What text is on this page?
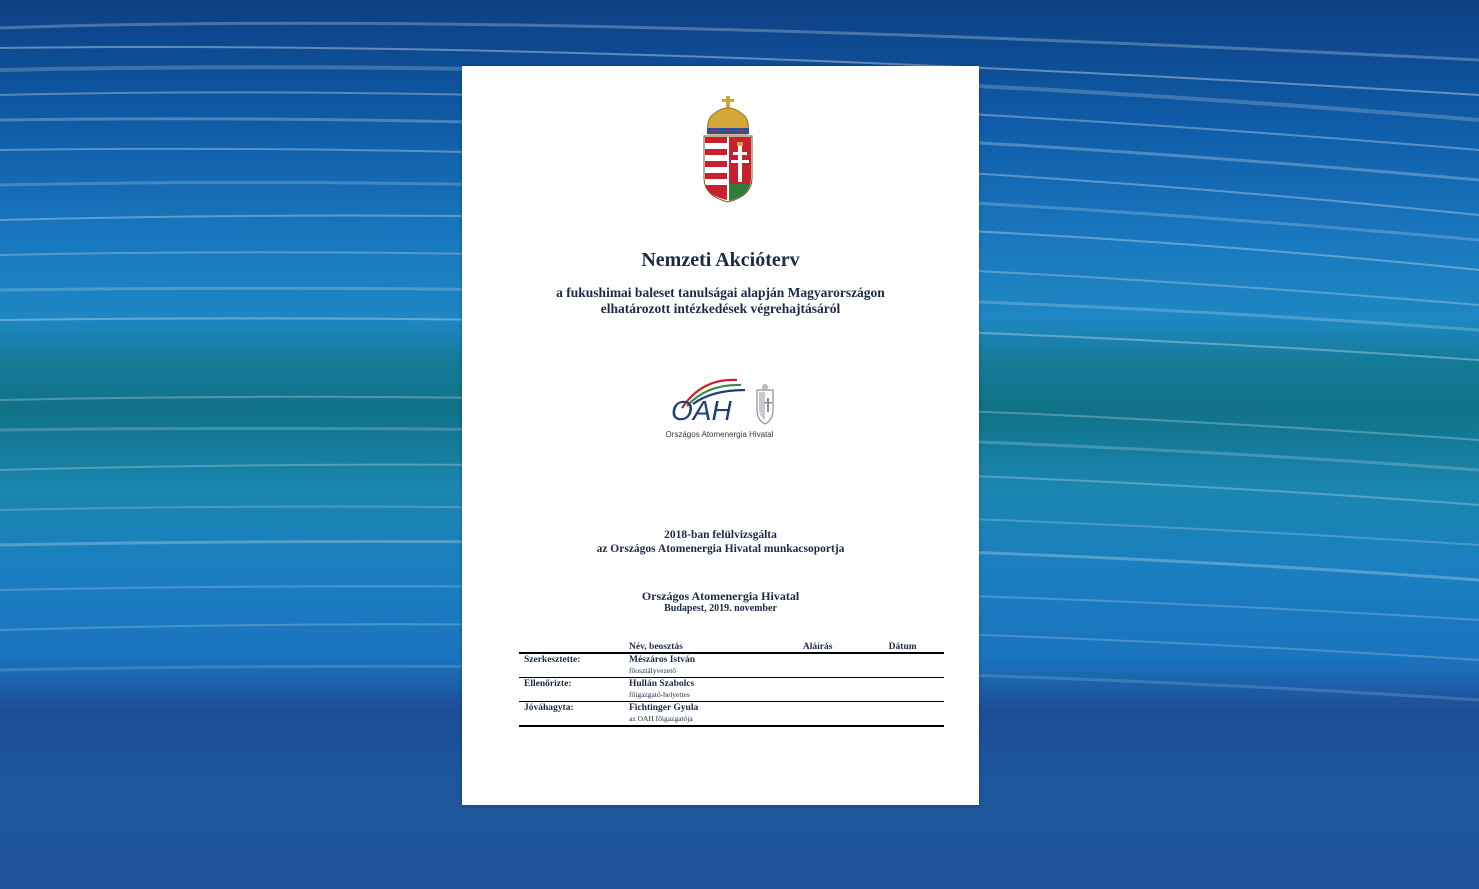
Nemzeti Akcióterv
a fukushimai baleset tanulságai alapján Magyarországon
elhatározott intézkedések végrehajtásáról
OAH
Országos Atomenergia Hivatal
2018-ban felülvizsgálta
az Országos Atomenergia Hivatal munkacsoportja
Országos Atomenergia Hivatal
Budapest, 2019. november
	Név, beosztás	Aláírás	Dátum
Szerkesztette:	Mészáros István
főosztályvezető		

Ellenőrizte:	Hullán Szabolcs
főigazgató-helyettes		

Jóváhagyta:	Fichtinger Gyula
az OAH főigazgatója		
